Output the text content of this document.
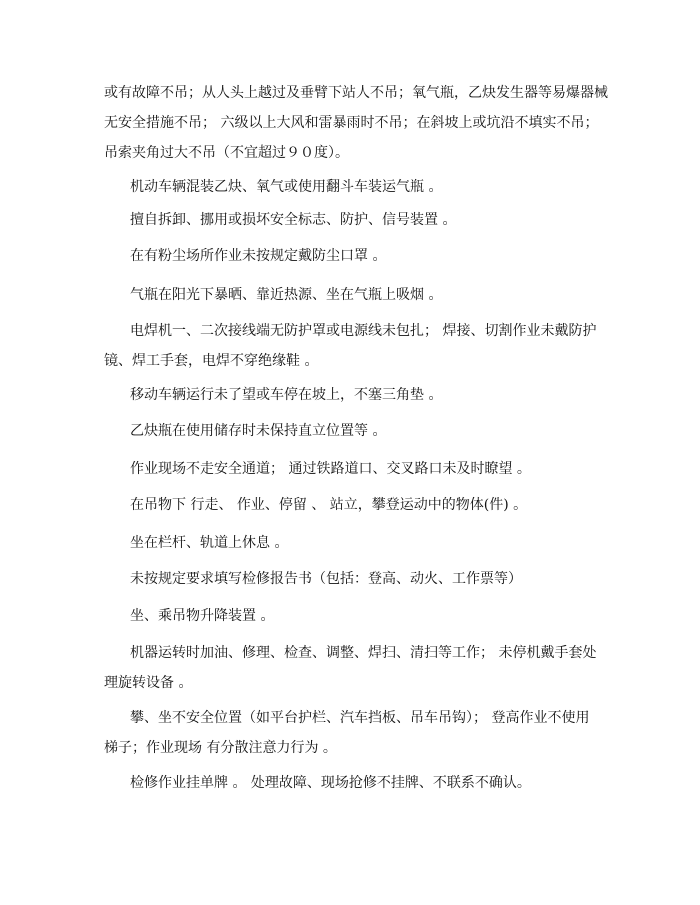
或有故障不吊；从人头上越过及垂臂下站人不吊；氧气瓶，乙炔发生器等易爆器械
无安全措施不吊； 六级以上大风和雷暴雨时不吊；在斜坡上或坑沿不填实不吊；
吊索夹角过大不吊（不宜超过９０度）。

机动车辆混装乙炔、氧气或使用翻斗车装运气瓶 。

擅自拆卸、挪用或损坏安全标志、防护、信号装置 。

在有粉尘场所作业未按规定戴防尘口罩 。

气瓶在阳光下暴晒、靠近热源、坐在气瓶上吸烟 。

电焊机一、二次接线端无防护罩或电源线未包扎； 焊接、切割作业未戴防护
镜、焊工手套，电焊不穿绝缘鞋 。

移动车辆运行未了望或车停在坡上，不塞三角垫 。

乙炔瓶在使用储存时未保持直立位置等 。

作业现场不走安全通道； 通过铁路道口、交叉路口未及时瞭望 。

在吊物下 行走、 作业、停留 、 站立，攀登运动中的物体(件) 。

坐在栏杆、轨道上休息 。

未按规定要求填写检修报告书（包括：登高、动火、工作票等）

坐、乘吊物升降装置 。

机器运转时加油、修理、检查、调整、焊扫、清扫等工作； 未停机戴手套处
理旋转设备 。
攀、坐不安全位置（如平台护栏、汽车挡板、吊车吊钩）； 登高作业不使用
梯子；作业现场 有分散注意力行为 。

检修作业挂单牌 。 处理故障、现场抢修不挂牌、不联系不确认。
